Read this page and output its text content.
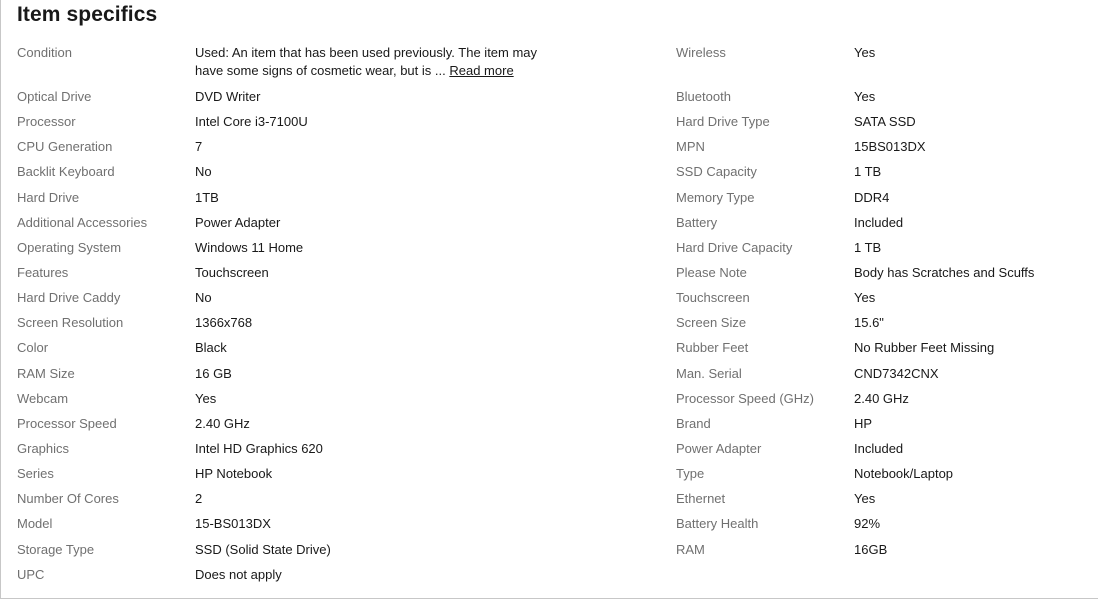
Item specifics
Condition	Used: An item that has been used previously. The item may have some signs of cosmetic wear, but is ... Read more
Optical Drive	DVD Writer
Processor	Intel Core i3-7100U
CPU Generation	7
Backlit Keyboard	No
Hard Drive	1TB
Additional Accessories	Power Adapter
Operating System	Windows 11 Home
Features	Touchscreen
Hard Drive Caddy	No
Screen Resolution	1366x768
Color	Black
RAM Size	16 GB
Webcam	Yes
Processor Speed	2.40 GHz
Graphics	Intel HD Graphics 620
Series	HP Notebook
Number Of Cores	2
Model	15-BS013DX
Storage Type	SSD (Solid State Drive)
UPC	Does not apply
Wireless	Yes
Bluetooth	Yes
Hard Drive Type	SATA SSD
MPN	15BS013DX
SSD Capacity	1 TB
Memory Type	DDR4
Battery	Included
Hard Drive Capacity	1 TB
Please Note	Body has Scratches and Scuffs
Touchscreen	Yes
Screen Size	15.6"
Rubber Feet	No Rubber Feet Missing
Man. Serial	CND7342CNX
Processor Speed (GHz)	2.40 GHz
Brand	HP
Power Adapter	Included
Type	Notebook/Laptop
Ethernet	Yes
Battery Health	92%
RAM	16GB
